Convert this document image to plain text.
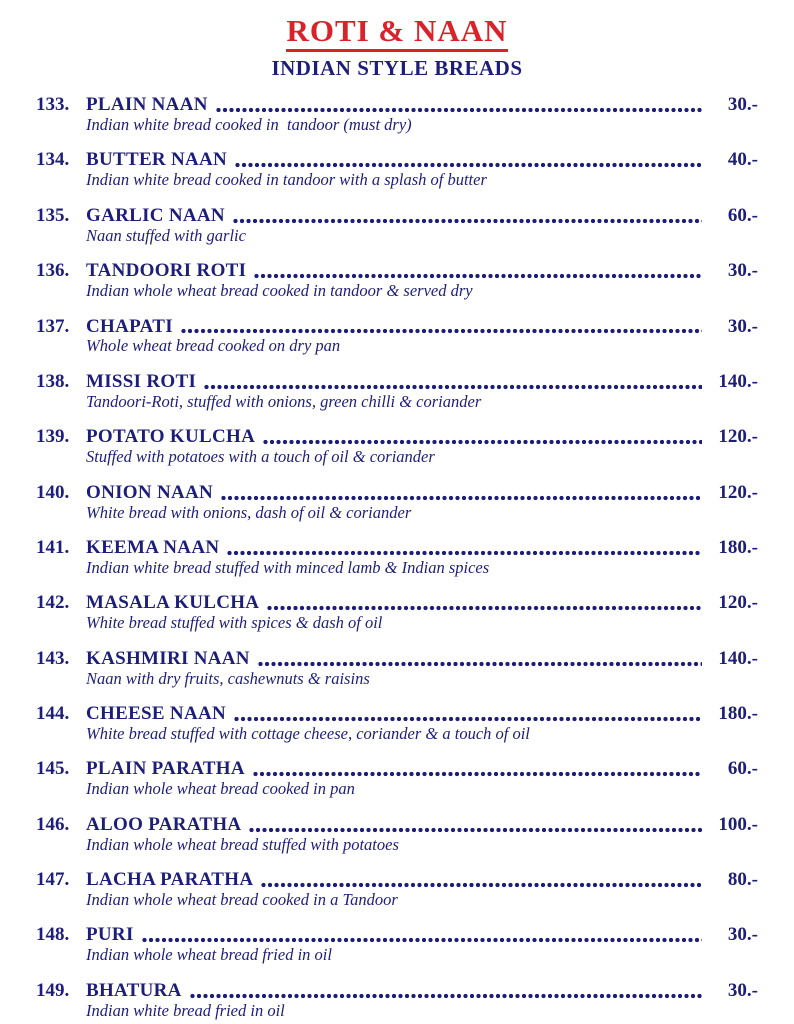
ROTI & NAAN
INDIAN STYLE BREADS
133. PLAIN NAAN	30.-
Indian white bread cooked in  tandoor (must dry)
134. BUTTER NAAN	40.-
Indian white bread cooked in tandoor with a splash of butter
135. GARLIC NAAN	60.-
Naan stuffed with garlic
136. TANDOORI ROTI	30.-
Indian whole wheat bread cooked in tandoor & served dry
137. CHAPATI	30.-
Whole wheat bread cooked on dry pan
138. MISSI ROTI	140.-
Tandoori-Roti, stuffed with onions, green chilli & coriander
139. POTATO KULCHA	120.-
Stuffed with potatoes with a touch of oil & coriander
140. ONION NAAN	120.-
White bread with onions, dash of oil & coriander
141. KEEMA NAAN	180.-
Indian white bread stuffed with minced lamb & Indian spices
142. MASALA KULCHA	120.-
White bread stuffed with spices & dash of oil
143. KASHMIRI NAAN	140.-
Naan with dry fruits, cashewnuts & raisins
144. CHEESE NAAN	180.-
White bread stuffed with cottage cheese, coriander & a touch of oil
145. PLAIN PARATHA	60.-
Indian whole wheat bread cooked in pan
146. ALOO PARATHA	100.-
Indian whole wheat bread stuffed with potatoes
147. LACHA PARATHA	80.-
Indian whole wheat bread cooked in a Tandoor
148. PURI	30.-
Indian whole wheat bread fried in oil
149. BHATURA	30.-
Indian white bread fried in oil
